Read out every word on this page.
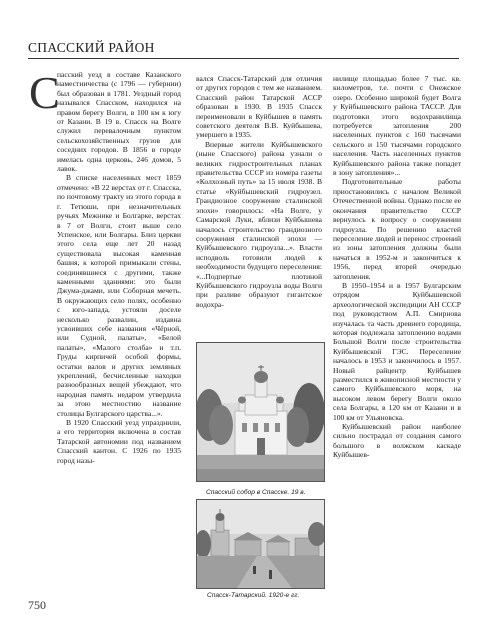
СПАССКИЙ РАЙОН
С

пасский уезд в составе Казанского наместничества (с 1796 — губернии) был образован в 1781. Уездный город назывался Спасском, находился на правом берегу Волги, в 100 км к югу от Казани. В 19 в. Спасск на Волге служил перевалочным пунктом сельскохозяйственных грузов для соседних городов. В 1856 в городе имелась одна церковь, 246 домов, 5 лавок.

В списке населенных мест 1859 отмечено: «В 22 верстах от г. Спасска, по почтовому тракту из этого города в г. Тетюши, при незначительных ручьях Межнике и Болгарке, верстах в 7 от Волги, стоит выше село Успенское, или Болгары. Близ церкви этого села еще лет 20 назад существовала высокая каменная башня, к которой примыкали стены, соединявшиеся с другими, также каменными зданиями: это были Джума-джами, или Соборная мечеть. В окружающих село полях, особенно с юго-запада, устояли доселе несколько развалин, издавна усвоивших себе названия «Чёрной, или Судной, палаты», «Белой палаты», «Малого столба» и т.п. Груды кирпичей особой формы, остатки валов и других земляных укреплений, бесчисленные находки разнообразных вещей убеждают, что народная память недаром утвердила за этою местностию название столицы Булгарского царства...».

В 1920 Спасский уезд упразднили, а его территория включена в состав Татарской автономии под названием Спасский кантон. С 1926 по 1935 город назы-

вался Спасск-Татарский для отличия от других городов с тем же названием. Спасский район Татарской АССР образован в 1930. В 1935 Спасск переименовали в Куйбышев в память советского деятеля В.В. Куйбышева, умершего в 1935.

Впервые жители Куйбышевского (ныне Спасского) района узнали о великих гидростроительных планах правительства СССР из номера газеты «Колхозный путь» за 15 июля 1938. В статье «Куйбышевский гидроузел. Грандиозное сооружение сталинской эпохи» говорилось: «На Волге, у Самарской Луки, вблизи Куйбышева началось строительство грандиозного сооружения сталинской эпохи — Куйбышевского гидроузла...». Власти исподволь готовили людей к необходимости будущего переселения: «...Подпертые плотиной Куйбышевского гидроузла воды Волги при разливе образуют гигантское водохра-

нилище площадью более 7 тыс. кв. километров, т.е. почти с Онежское озеро. Особенно широкой будет Волга у Куйбышевского района ТАССР. Для подготовки этого водохранилища потребуется затопления 200 населенных пунктов с 160 тысячами сельского и 150 тысячами городского населения. Часть населенных пунктов Куйбышевского района также попадет в зону затопления»...

Подготовительные работы приостановились с началом Великой Отечественной войны. Однако после ее окончания правительство СССР вернулось к вопросу о сооружении гидроузла. По решению властей переселение людей и перенос строений из зоны затопления должны были начаться в 1952-м и закончиться к 1956, перед вторей очередью затопления.

В 1950–1954 и в 1957 Булгарским отрядом Куйбышевской археологической экспедиции АН СССР под руководством А.П. Смирнова изучалась та часть древнего городища, которая подлежала затоплению водами Большой Волги после строительства Куйбышевской ГЭС. Переселение началось в 1953 и закончилось в 1957. Новый райцентр Куйбышев разместился в живописной местности у самого Куйбышевского моря, на высоком левом берегу Волги около села Болгары, в 120 км от Казани и в 100 км от Ульяновска.

Куйбышевский район наиболее сильно пострадал от создания самого большого в волжском каскаде Куйбышев-

Спасский собор в Спасске. 19 в.
Спасск-Татарский. 1920-е гг.
750
